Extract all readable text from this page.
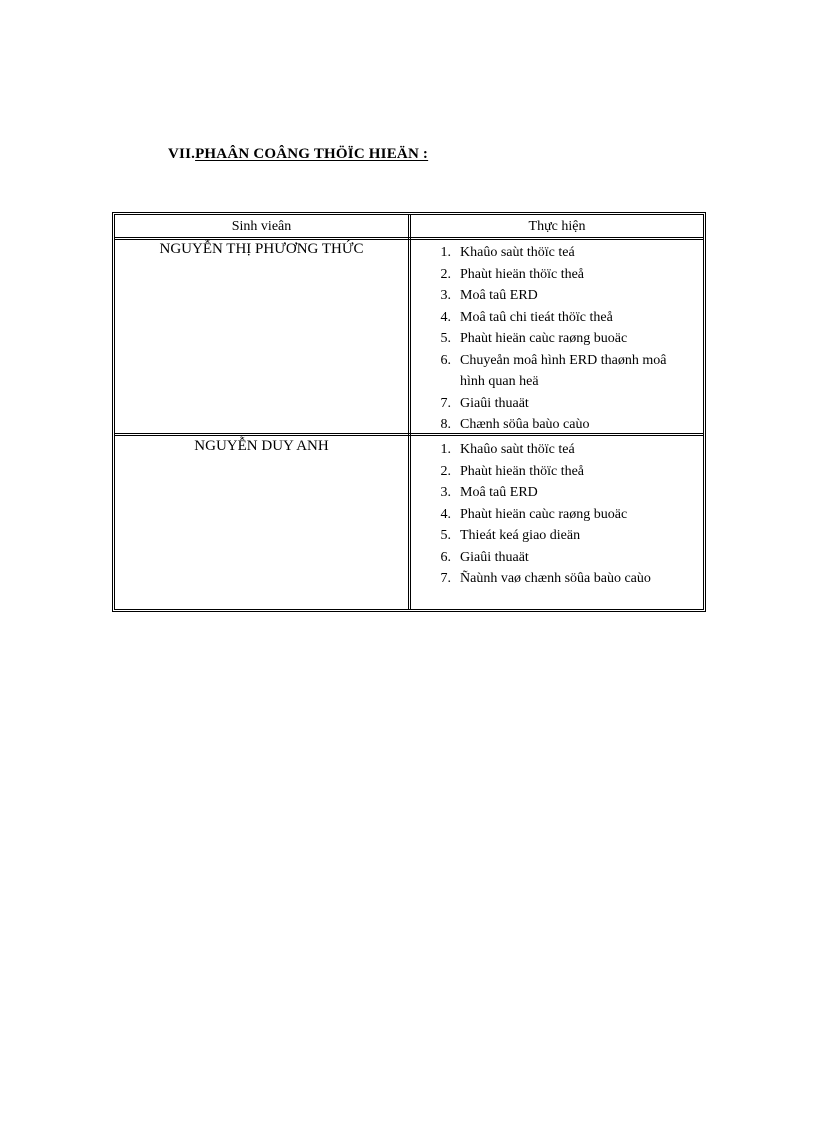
VII.PHAÂN COÂNG THÖÏC HIEÄN :
Sinh vieân	Thực hiện
NGUYỄN THỊ PHƯƠNG THỨC	1. Khaûo saùt thöïc teá
2. Phaùt hieän thöïc theå
3. Moâ taû ERD
4. Moâ taû chi tieát thöïc theå
5. Phaùt hieän caùc raøng buoäc
6. Chuyeån moâ hình ERD thaønh moâ hình quan heä
7. Giaûi thuaät
8. Chænh söûa baùo caùo
NGUYỄN DUY ANH	1. Khaûo saùt thöïc teá
2. Phaùt hieän thöïc theå
3. Moâ taû ERD
4. Phaùt hieän caùc raøng buoäc
5. Thieát keá giao dieän
6. Giaûi thuaät
7. Ñaùnh vaø chænh söûa baùo caùo
